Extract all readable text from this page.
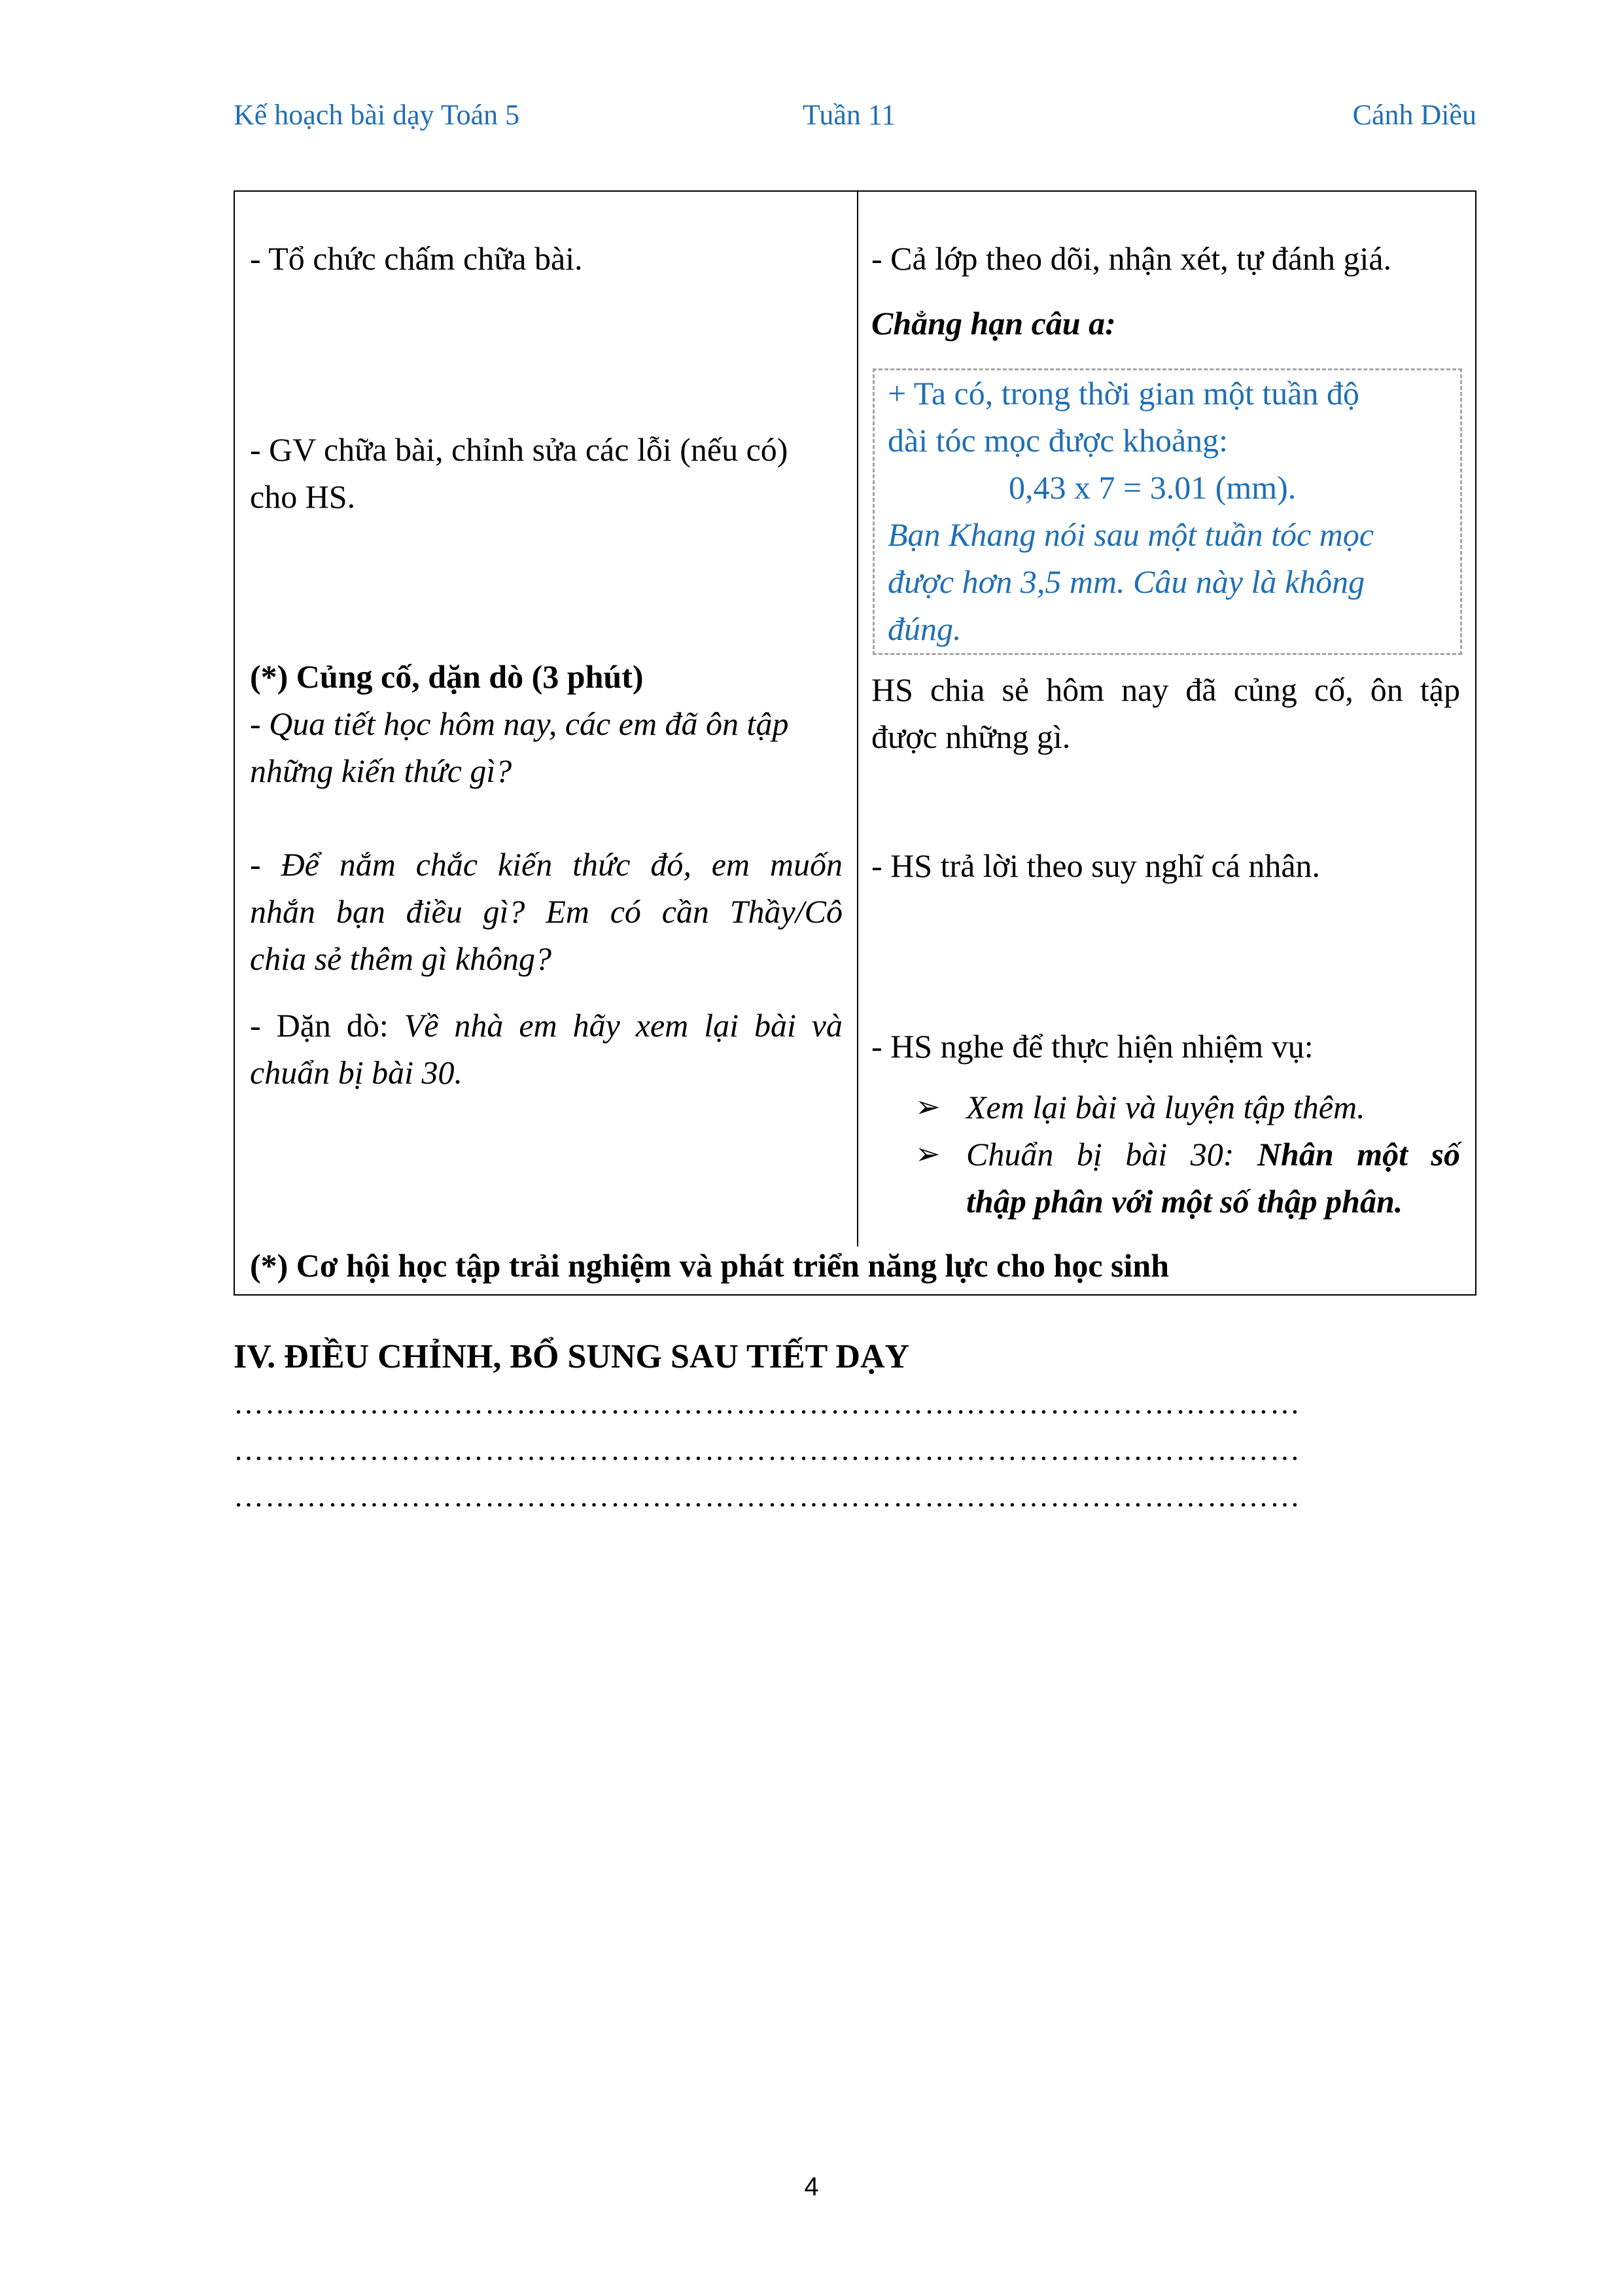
Kế hoạch bài dạy Toán 5	Tuần 11	Cánh Diều
- Tổ chức chấm chữa bài.
- GV chữa bài, chỉnh sửa các lỗi (nếu có)
cho HS.
(*) Củng cố, dặn dò (3 phút)
- Qua tiết học hôm nay, các em đã ôn tập
những kiến thức gì?
- Để nắm chắc kiến thức đó, em muốn
nhắn bạn điều gì? Em có cần Thầy/Cô
chia sẻ thêm gì không?
- Dặn dò: Về nhà em hãy xem lại bài và
chuẩn bị bài 30.
- Cả lớp theo dõi, nhận xét, tự đánh giá.
Chẳng hạn câu a:
+ Ta có, trong thời gian một tuần độ
dài tóc mọc được khoảng:
0,43 x 7 = 3.01 (mm).
Bạn Khang nói sau một tuần tóc mọc
được hơn 3,5 mm. Câu này là không
đúng.
HS chia sẻ hôm nay đã củng cố, ôn tập
được những gì.
- HS trả lời theo suy nghĩ cá nhân.
- HS nghe để thực hiện nhiệm vụ:
➢ Xem lại bài và luyện tập thêm.
➢ Chuẩn bị bài 30: Nhân một số
thập phân với một số thập phân.
(*) Cơ hội học tập trải nghiệm và phát triển năng lực cho học sinh
IV. ĐIỀU CHỈNH, BỔ SUNG SAU TIẾT DẠY
…………………………………………………………………………………………
…………………………………………………………………………………………
…………………………………………………………………………………………
4
